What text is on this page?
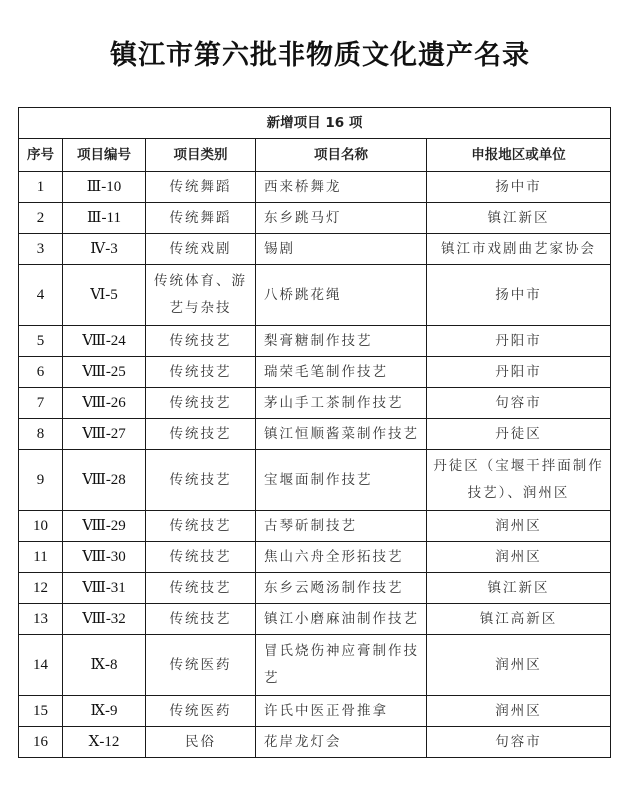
镇江市第六批非物质文化遗产名录
新增项目 16 项				
序号	项目编号	项目类别	项目名称	申报地区或单位
1	Ⅲ-10	传统舞蹈	西来桥舞龙	扬中市
2	Ⅲ-11	传统舞蹈	东乡跳马灯	镇江新区
3	Ⅳ-3	传统戏剧	锡剧	镇江市戏剧曲艺家协会
4	Ⅵ-5	传统体育、游艺与杂技	八桥跳花绳	扬中市
5	Ⅷ-24	传统技艺	梨膏糖制作技艺	丹阳市
6	Ⅷ-25	传统技艺	瑞荣毛笔制作技艺	丹阳市
7	Ⅷ-26	传统技艺	茅山手工茶制作技艺	句容市
8	Ⅷ-27	传统技艺	镇江恒顺酱菜制作技艺	丹徒区
9	Ⅷ-28	传统技艺	宝堰面制作技艺	丹徒区（宝堰干拌面制作技艺）、润州区
10	Ⅷ-29	传统技艺	古琴斫制技艺	润州区
11	Ⅷ-30	传统技艺	焦山六舟全形拓技艺	润州区
12	Ⅷ-31	传统技艺	东乡云飏汤制作技艺	镇江新区
13	Ⅷ-32	传统技艺	镇江小磨麻油制作技艺	镇江高新区
14	Ⅸ-8	传统医药	冒氏烧伤神应膏制作技艺	润州区
15	Ⅸ-9	传统医药	许氏中医正骨推拿	润州区
16	Ⅹ-12	民俗	花岸龙灯会	句容市
